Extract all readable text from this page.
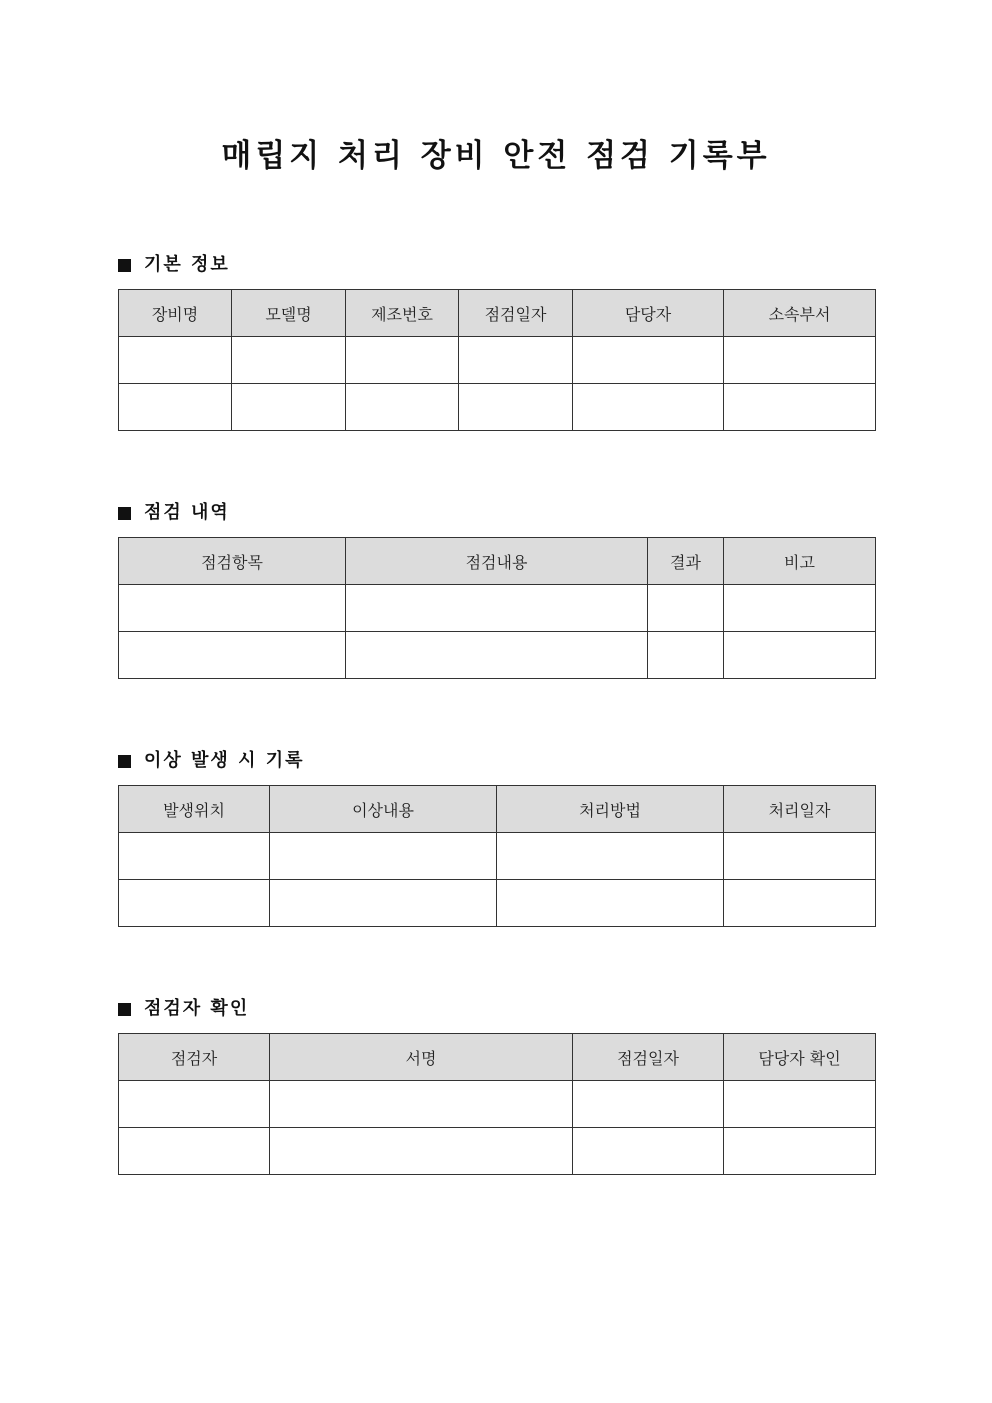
매립지 처리 장비 안전 점검 기록부
기본 정보
장비명	모델명	제조번호	점검일자	담당자	소속부서

점검 내역
점검항목	점검내용	결과	비고

이상 발생 시 기록
발생위치	이상내용	처리방법	처리일자

점검자 확인
점검자	서명	점검일자	담당자 확인
